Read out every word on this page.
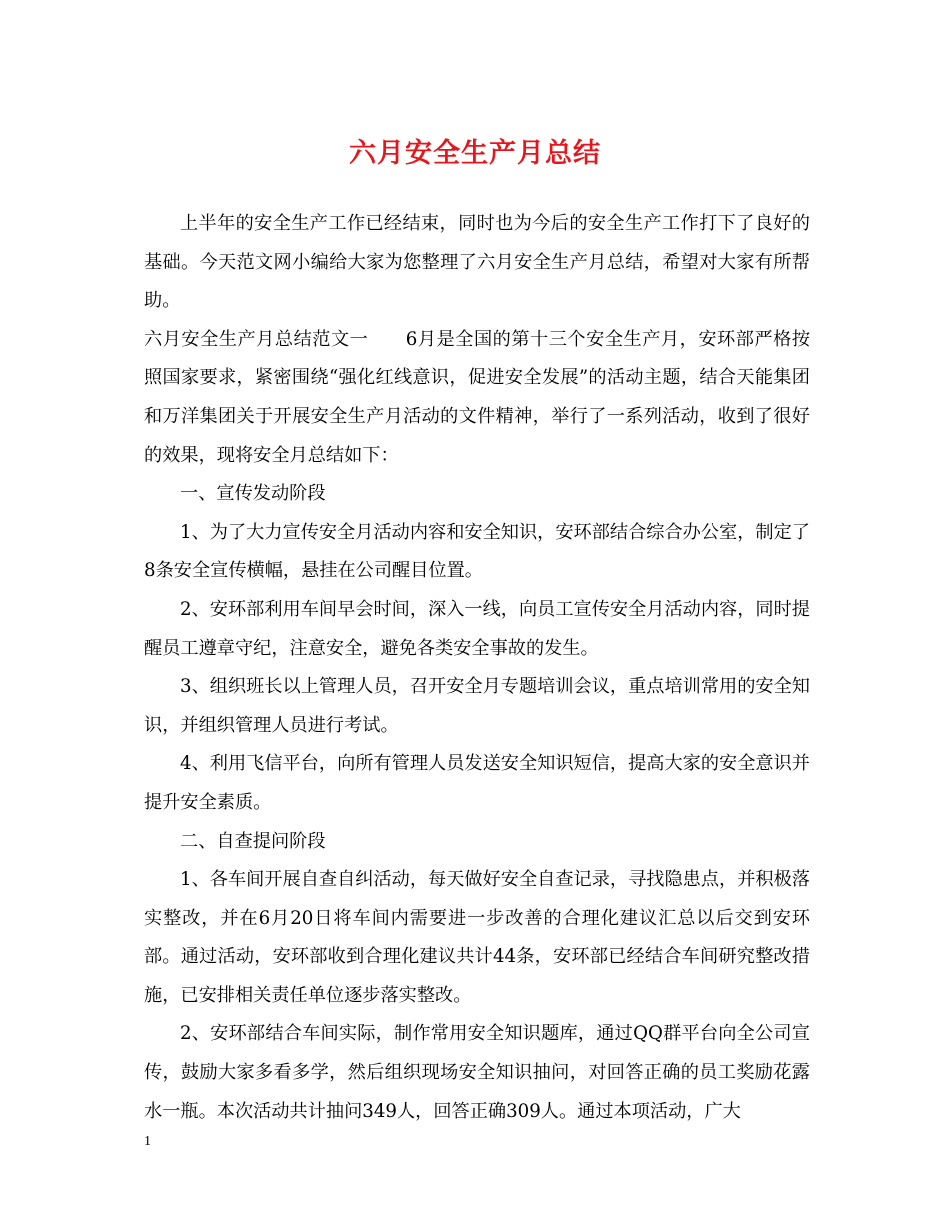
六月安全生产月总结

上半年的安全生产工作已经结束，同时也为今后的安全生产工作打下了良好的基础。今天范文网小编给大家为您整理了六月安全生产月总结，希望对大家有所帮助。

六月安全生产月总结范文一　　6月是全国的第十三个安全生产月，安环部严格按照国家要求，紧密围绕“强化红线意识，促进安全发展”的活动主题，结合天能集团和万洋集团关于开展安全生产月活动的文件精神，举行了一系列活动，收到了很好的效果，现将安全月总结如下：

一、宣传发动阶段

1、为了大力宣传安全月活动内容和安全知识，安环部结合综合办公室，制定了8条安全宣传横幅，悬挂在公司醒目位置。

2、安环部利用车间早会时间，深入一线，向员工宣传安全月活动内容，同时提醒员工遵章守纪，注意安全，避免各类安全事故的发生。

3、组织班长以上管理人员，召开安全月专题培训会议，重点培训常用的安全知识，并组织管理人员进行考试。

4、利用飞信平台，向所有管理人员发送安全知识短信，提高大家的安全意识并提升安全素质。

二、自查提问阶段

1、各车间开展自查自纠活动，每天做好安全自查记录，寻找隐患点，并积极落实整改，并在6月20日将车间内需要进一步改善的合理化建议汇总以后交到安环部。通过活动，安环部收到合理化建议共计44条，安环部已经结合车间研究整改措施，已安排相关责任单位逐步落实整改。

2、安环部结合车间实际，制作常用安全知识题库，通过QQ群平台向全公司宣传，鼓励大家多看多学，然后组织现场安全知识抽问，对回答正确的员工奖励花露水一瓶。本次活动共计抽问349人，回答正确309人。通过本项活动，广大

1
